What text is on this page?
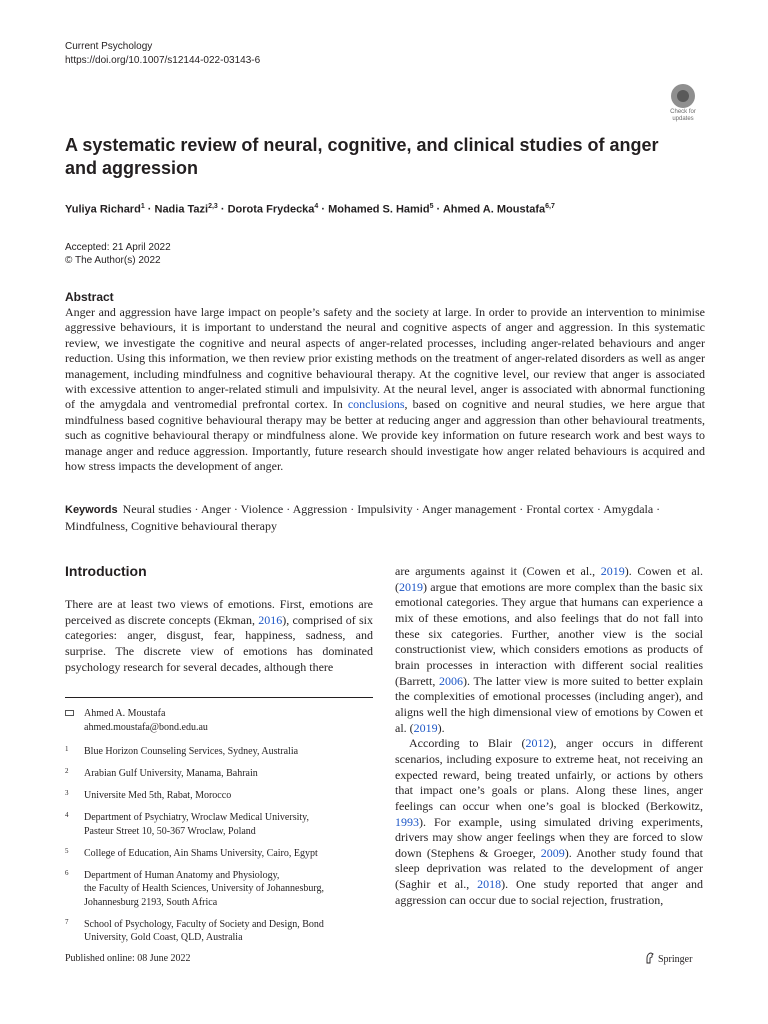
Current Psychology
https://doi.org/10.1007/s12144-022-03143-6
Check for
updates
A systematic review of neural, cognitive, and clinical studies of anger and aggression
Yuliya Richard$^1$ · Nadia Tazi$^{2,3}$ · Dorota Frydecka$^4$ · Mohamed S. Hamid$^5$ · Ahmed A. Moustafa$^{6,7}$
Accepted: 21 April 2022
© The Author(s) 2022
Abstract
Anger and aggression have large impact on people’s safety and the society at large. In order to provide an intervention to minimise aggressive behaviours, it is important to understand the neural and cognitive aspects of anger and aggression. In this systematic review, we investigate the cognitive and neural aspects of anger-related processes, including anger-related behaviours and anger reduction. Using this information, we then review prior existing methods on the treatment of anger-related disorders as well as anger management, including mindfulness and cognitive behavioural therapy. At the cognitive level, our review that anger is associated with excessive attention to anger-related stimuli and impulsivity. At the neural level, anger is associated with abnormal functioning of the amygdala and ventromedial prefrontal cortex. In conclusions, based on cognitive and neural studies, we here argue that mindfulness based cognitive behavioural therapy may be better at reducing anger and aggression than other behavioural treatments, such as cognitive behavioural therapy or mindfulness alone. We provide key information on future research work and best ways to manage anger and reduce aggression. Importantly, future research should investigate how anger related behaviours is acquired and how stress impacts the development of anger.
Keywords Neural studies · Anger · Violence · Aggression · Impulsivity · Anger management · Frontal cortex · Amygdala · Mindfulness, Cognitive behavioural therapy
Introduction
There are at least two views of emotions. First, emotions are perceived as discrete concepts (Ekman, 2016), comprised of six categories: anger, disgust, fear, happiness, sadness, and surprise. The discrete view of emotions has dominated psychology research for several decades, although there

are arguments against it (Cowen et al., 2019). Cowen et al. (2019) argue that emotions are more complex than the basic six emotional categories. They argue that humans can experience a mix of these emotions, and also feelings that do not fall into these six categories. Further, another view is the social constructionist view, which considers emotions as products of brain processes in interaction with different social realities (Barrett, 2006). The latter view is more suited to better explain the complexities of emotional processes (including anger), and aligns well the high dimensional view of emotions by Cowen et al. (2019).

According to Blair (2012), anger occurs in different scenarios, including exposure to extreme heat, not receiving an expected reward, being treated unfairly, or actions by others that impact one’s goals or plans. Along these lines, anger feelings can occur when one’s goal is blocked (Berkowitz, 1993). For example, using simulated driving experiments, drivers may show anger feelings when they are forced to slow down (Stephens & Groeger, 2009). Another study found that sleep deprivation was related to the development of anger (Saghir et al., 2018). One study reported that anger and aggression can occur due to social rejection, frustration,

Ahmed A. Moustafa
ahmed.moustafa@bond.edu.au
1 Blue Horizon Counseling Services, Sydney, Australia
2 Arabian Gulf University, Manama, Bahrain
3 Universite Med 5th, Rabat, Morocco
4 Department of Psychiatry, Wroclaw Medical University,
Pasteur Street 10, 50-367 Wroclaw, Poland
5 College of Education, Ain Shams University, Cairo, Egypt
6 Department of Human Anatomy and Physiology,
the Faculty of Health Sciences, University of Johannesburg,
Johannesburg 2193, South Africa
7 School of Psychology, Faculty of Society and Design, Bond
University, Gold Coast, QLD, Australia
Published online: 08 June 2022	Springer
